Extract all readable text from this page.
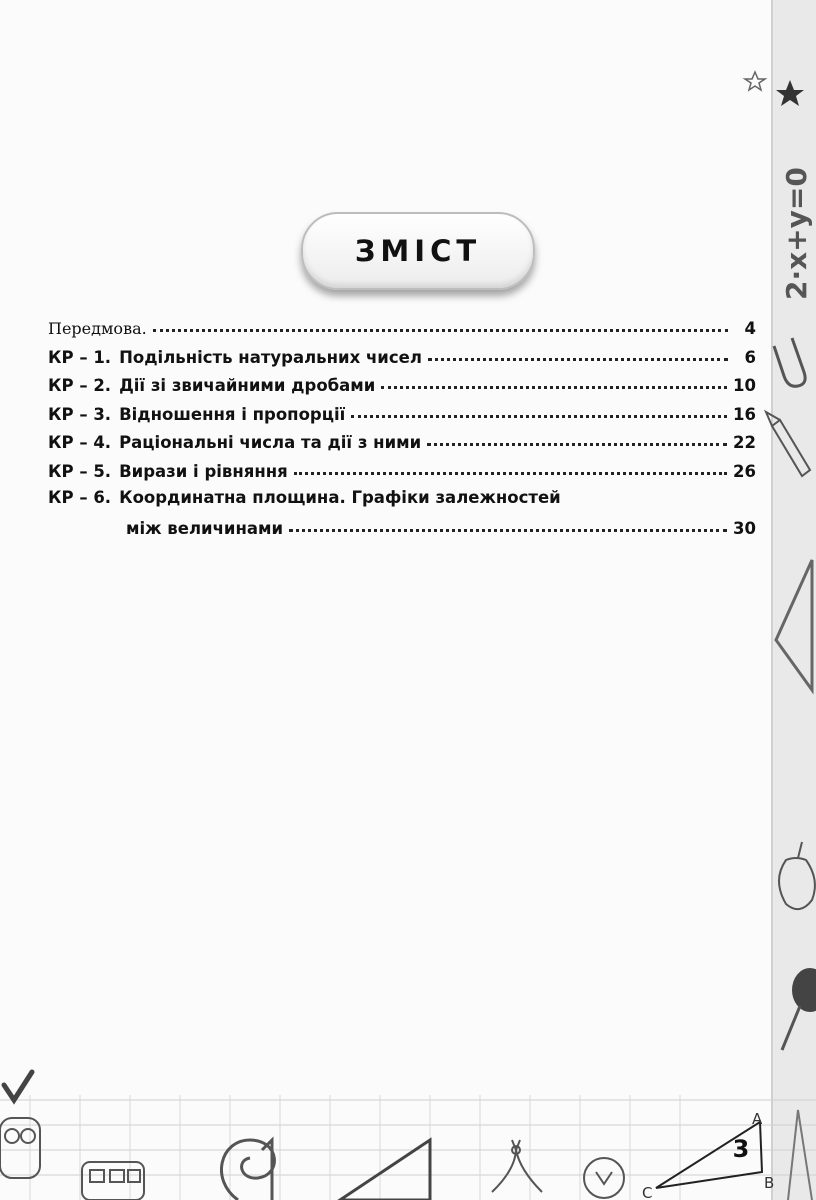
A
B
C
2·x+y=0
ЗМІСТ
Передмова.	4
КР – 1. Подільність натуральних чисел	6
КР – 2. Дії зі звичайними дробами	10
КР – 3. Відношення і пропорції	16
КР – 4. Раціональні числа та дії з ними	22
КР – 5. Вирази і рівняння	26
КР – 6. Координатна площина. Графіки залежностей
між величинами	30
3
